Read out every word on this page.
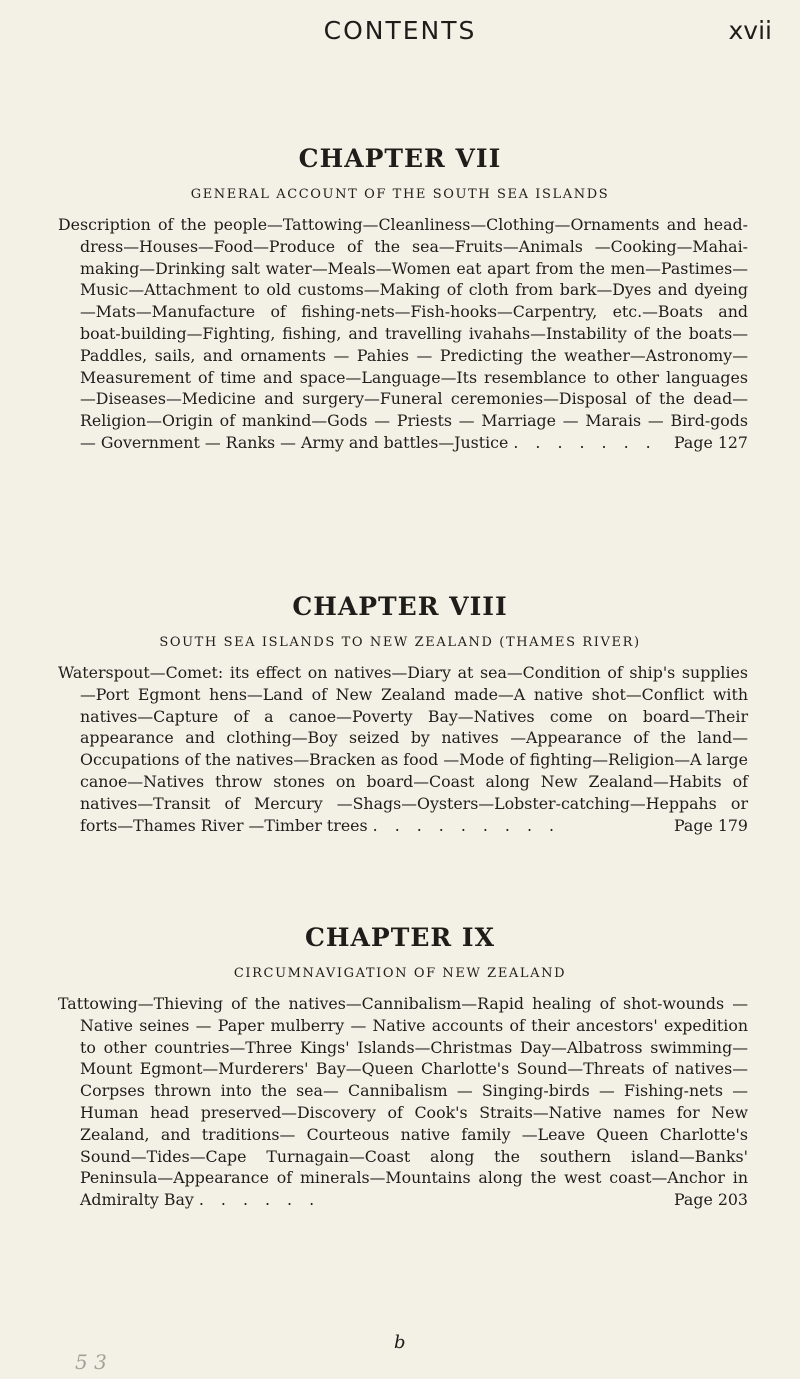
CONTENTS	xvii
CHAPTER VII
GENERAL ACCOUNT OF THE SOUTH SEA ISLANDS

Description of the people—Tattowing—Cleanliness—Clothing—Ornaments and head-dress—Houses—Food—Produce of the sea—Fruits—Animals —Cooking—Mahai-making—Drinking salt water—Meals—Women eat apart from the men—Pastimes—Music—Attachment to old customs—Making of cloth from bark—Dyes and dyeing—Mats—Manufacture of fishing-nets—Fish-hooks—Carpentry, etc.—Boats and boat-building—Fighting, fishing, and travelling ivahahs—Instability of the boats—Paddles, sails, and ornaments — Pahies — Predicting the weather—Astronomy—Measurement of time and space—Language—Its resemblance to other languages—Diseases—Medicine and surgery—Funeral ceremonies—Disposal of the dead—Religion—Origin of mankind—Gods — Priests — Marriage — Marais — Bird-gods — Government — Ranks — Army and battles—Justice . . . . . . . Page 127

CHAPTER VIII
SOUTH SEA ISLANDS TO NEW ZEALAND (THAMES RIVER)

Waterspout—Comet: its effect on natives—Diary at sea—Condition of ship's supplies—Port Egmont hens—Land of New Zealand made—A native shot—Conflict with natives—Capture of a canoe—Poverty Bay—Natives come on board—Their appearance and clothing—Boy seized by natives —Appearance of the land—Occupations of the natives—Bracken as food —Mode of fighting—Religion—A large canoe—Natives throw stones on board—Coast along New Zealand—Habits of natives—Transit of Mercury —Shags—Oysters—Lobster-catching—Heppahs or forts—Thames River —Timber trees . . . . . . . . .	Page 179

CHAPTER IX
CIRCUMNAVIGATION OF NEW ZEALAND

Tattowing—Thieving of the natives—Cannibalism—Rapid healing of shot-wounds — Native seines — Paper mulberry — Native accounts of their ancestors' expedition to other countries—Three Kings' Islands—Christmas Day—Albatross swimming—Mount Egmont—Murderers' Bay—Queen Charlotte's Sound—Threats of natives—Corpses thrown into the sea— Cannibalism — Singing-birds — Fishing-nets — Human head preserved—Discovery of Cook's Straits—Native names for New Zealand, and traditions— Courteous native family —Leave Queen Charlotte's Sound—Tides—Cape Turnagain—Coast along the southern island—Banks' Peninsula—Appearance of minerals—Mountains along the west coast—Anchor in Admiralty Bay . . . . . .	Page 203

b
5 3
